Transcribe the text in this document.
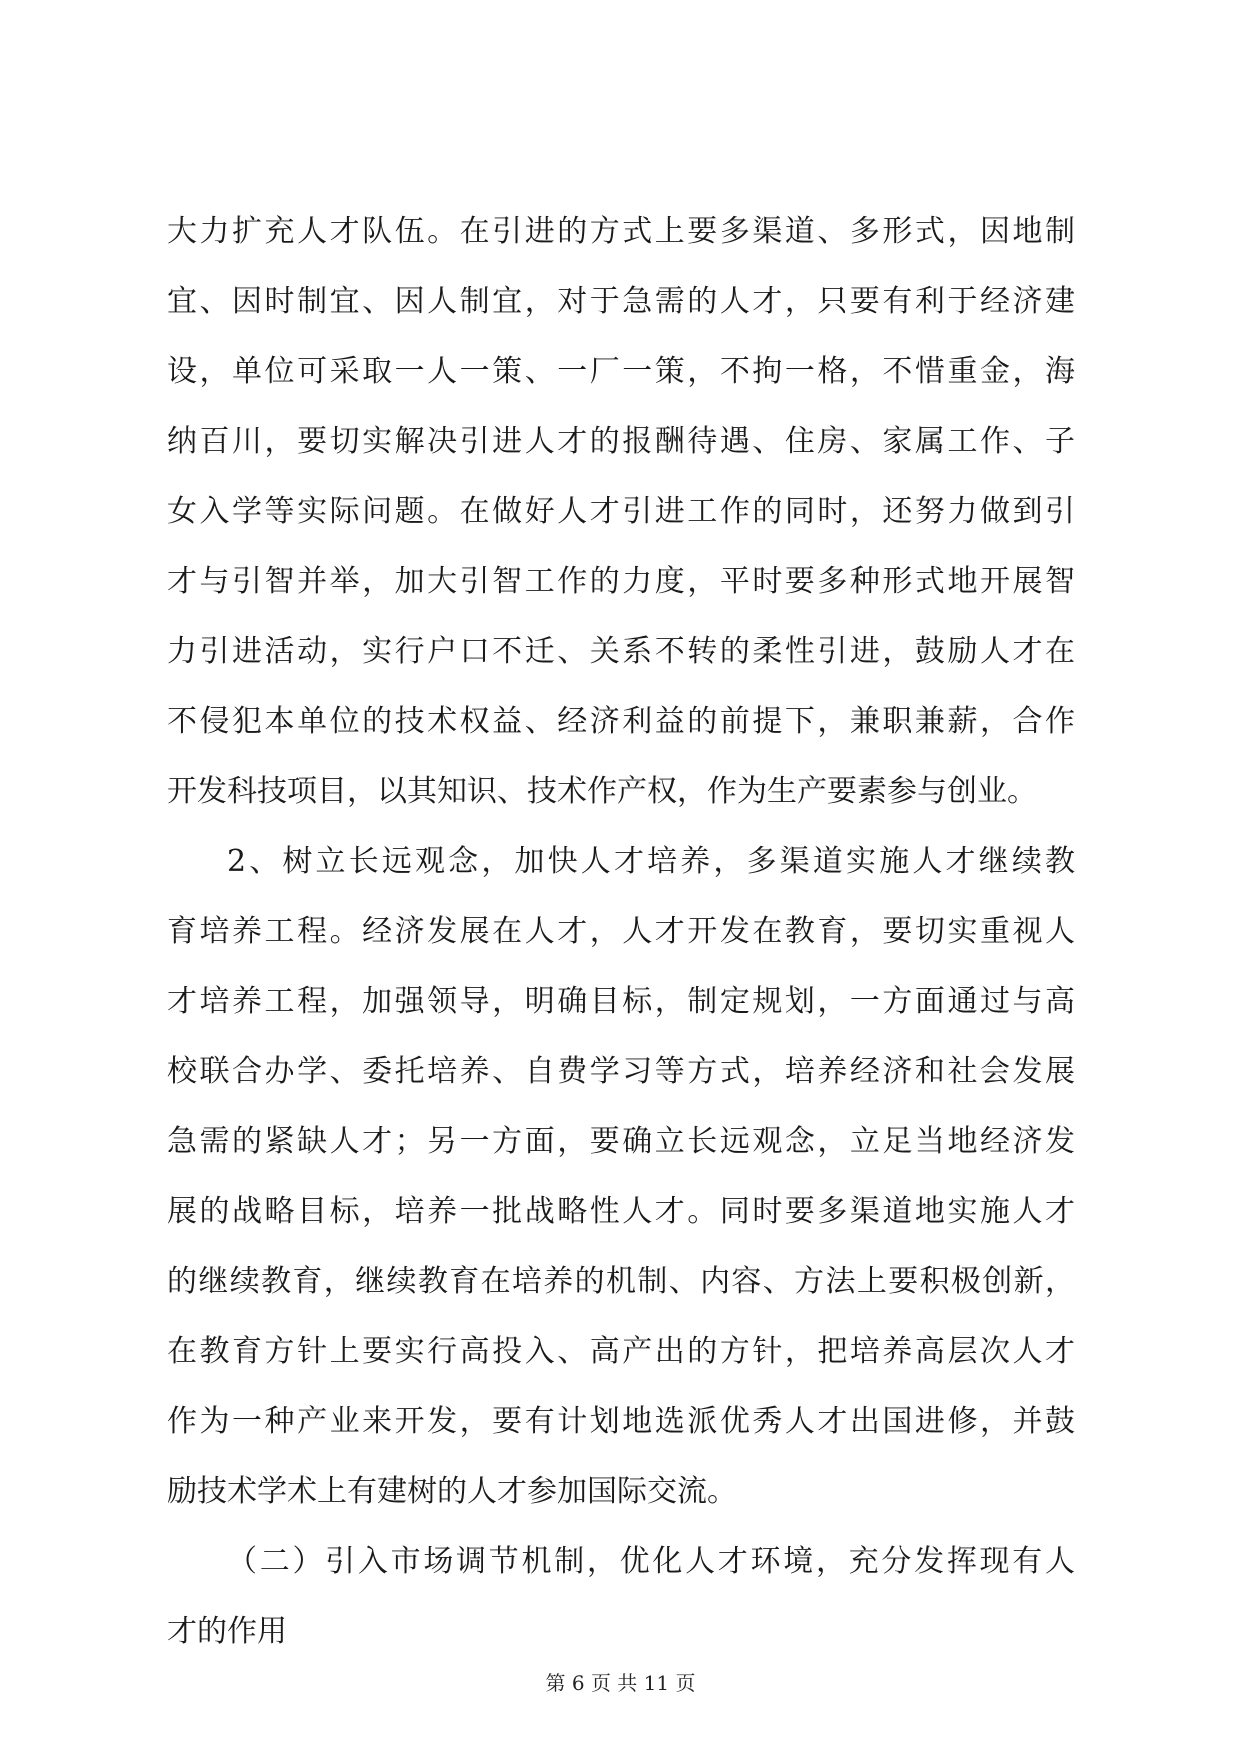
大力扩充人才队伍。在引进的方式上要多渠道、多形式，因地制
宜、因时制宜、因人制宜，对于急需的人才，只要有利于经济建
设，单位可采取一人一策、一厂一策，不拘一格，不惜重金，海
纳百川，要切实解决引进人才的报酬待遇、住房、家属工作、子
女入学等实际问题。在做好人才引进工作的同时，还努力做到引
才与引智并举，加大引智工作的力度，平时要多种形式地开展智
力引进活动，实行户口不迁、关系不转的柔性引进，鼓励人才在
不侵犯本单位的技术权益、经济利益的前提下，兼职兼薪，合作
开发科技项目，以其知识、技术作产权，作为生产要素参与创业。
2、树立长远观念，加快人才培养，多渠道实施人才继续教
育培养工程。经济发展在人才，人才开发在教育，要切实重视人
才培养工程，加强领导，明确目标，制定规划，一方面通过与高
校联合办学、委托培养、自费学习等方式，培养经济和社会发展
急需的紧缺人才；另一方面，要确立长远观念，立足当地经济发
展的战略目标，培养一批战略性人才。同时要多渠道地实施人才
的继续教育，继续教育在培养的机制、内容、方法上要积极创新，
在教育方针上要实行高投入、高产出的方针，把培养高层次人才
作为一种产业来开发，要有计划地选派优秀人才出国进修，并鼓
励技术学术上有建树的人才参加国际交流。
（二）引入市场调节机制，优化人才环境，充分发挥现有人
才的作用
第 6 页 共 11 页
